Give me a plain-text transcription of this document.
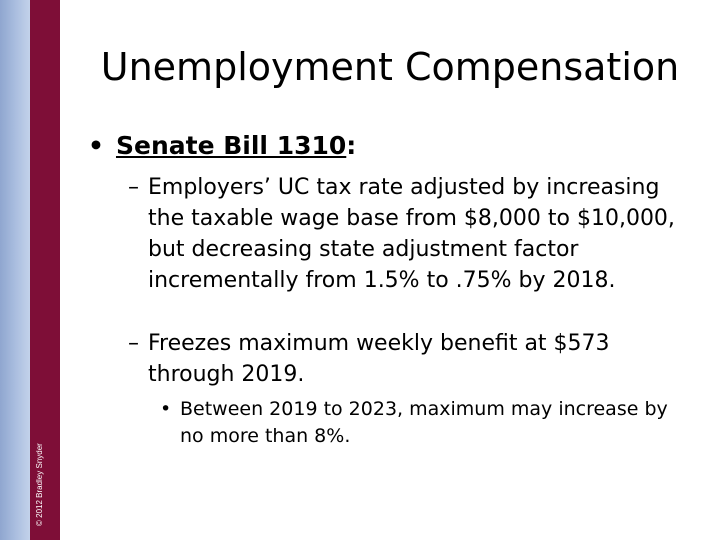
© 2012 Bradley Snyder
Unemployment Compensation
• Senate Bill 1310:
– Employers’ UC tax rate adjusted by increasing the taxable wage base from $8,000 to $10,000, but decreasing state adjustment factor incrementally from 1.5% to .75% by 2018.
– Freezes maximum weekly benefit at $573 through 2019.
• Between 2019 to 2023, maximum may increase by no more than 8%.
